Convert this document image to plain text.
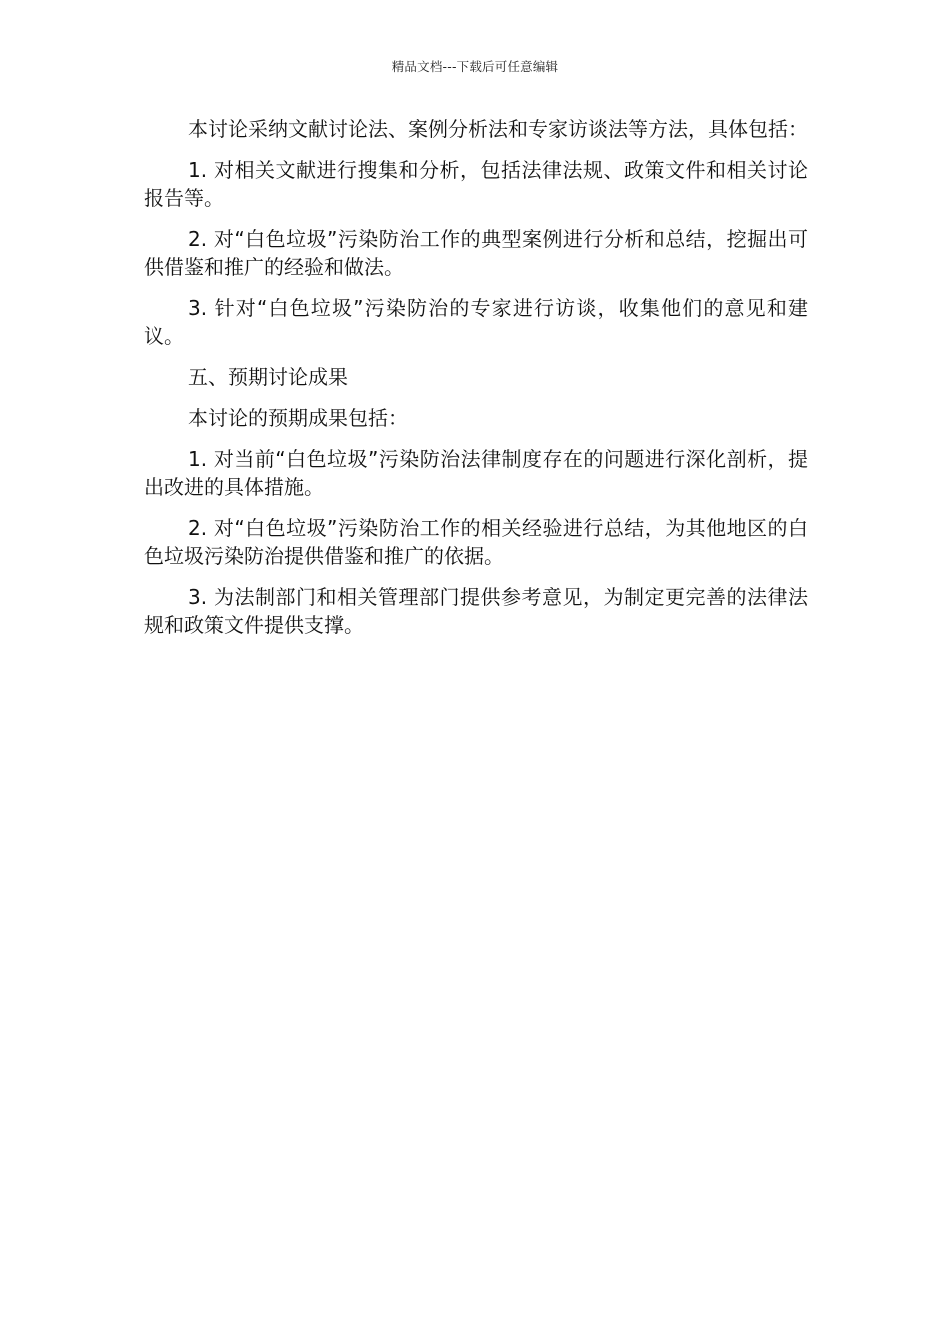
精品文档---下载后可任意编辑

本讨论采纳文献讨论法、案例分析法和专家访谈法等方法，具体包括：

1. 对相关文献进行搜集和分析，包括法律法规、政策文件和相关讨论报告等。

2. 对“白色垃圾”污染防治工作的典型案例进行分析和总结，挖掘出可供借鉴和推广的经验和做法。

3. 针对“白色垃圾”污染防治的专家进行访谈，收集他们的意见和建议。

五、预期讨论成果

本讨论的预期成果包括：

1. 对当前“白色垃圾”污染防治法律制度存在的问题进行深化剖析，提出改进的具体措施。

2. 对“白色垃圾”污染防治工作的相关经验进行总结，为其他地区的白色垃圾污染防治提供借鉴和推广的依据。

3. 为法制部门和相关管理部门提供参考意见，为制定更完善的法律法规和政策文件提供支撑。
